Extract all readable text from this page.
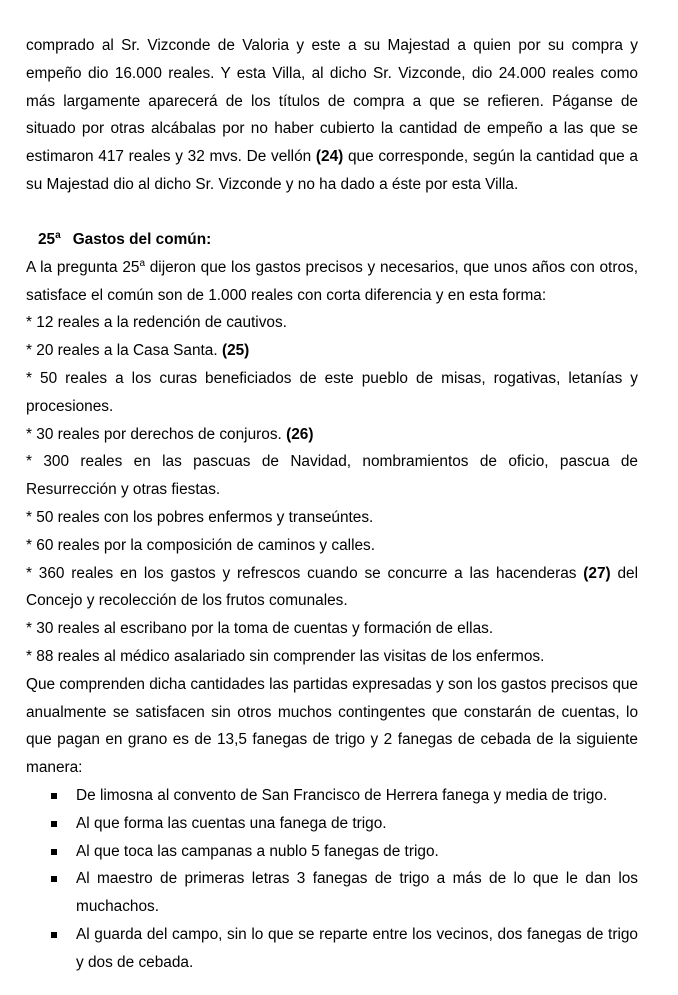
comprado al Sr. Vizconde de Valoria y este a su Majestad a quien por su compra y empeño dio 16.000 reales. Y esta Villa, al dicho Sr. Vizconde, dio 24.000 reales como más largamente aparecerá de los títulos de compra a que se refieren. Páganse de situado por otras alcábalas por no haber cubierto la cantidad de empeño a las que se estimaron 417 reales y 32 mvs. De vellón (24) que corresponde, según la cantidad que a su Majestad dio al dicho Sr. Vizconde y no ha dado a éste por esta Villa.

25$^a$ Gastos del común:

A la pregunta 25$^a$ dijeron que los gastos precisos y necesarios, que unos años con otros, satisface el común son de 1.000 reales con corta diferencia y en esta forma:

* 12 reales a la redención de cautivos.
* 20 reales a la Casa Santa. (25)
* 50 reales a los curas beneficiados de este pueblo de misas, rogativas, letanías y procesiones.
* 30 reales por derechos de conjuros. (26)
* 300 reales en las pascuas de Navidad, nombramientos de oficio, pascua de Resurrección y otras fiestas.
* 50 reales con los pobres enfermos y transeúntes.
* 60 reales por la composición de caminos y calles.
* 360 reales en los gastos y refrescos cuando se concurre a las hacenderas (27) del Concejo y recolección de los frutos comunales.
* 30 reales al escribano por la toma de cuentas y formación de ellas.
* 88 reales al médico asalariado sin comprender las visitas de los enfermos.

Que comprenden dicha cantidades las partidas expresadas y son los gastos precisos que anualmente se satisfacen sin otros muchos contingentes que constarán de cuentas, lo que pagan en grano es de 13,5 fanegas de trigo y 2 fanegas de cebada de la siguiente manera:

De limosna al convento de San Francisco de Herrera fanega y media de trigo.
Al que forma las cuentas una fanega de trigo.
Al que toca las campanas a nublo 5 fanegas de trigo.
Al maestro de primeras letras 3 fanegas de trigo a más de lo que le dan los muchachos.
Al guarda del campo, sin lo que se reparte entre los vecinos, dos fanegas de trigo y dos de cebada.
